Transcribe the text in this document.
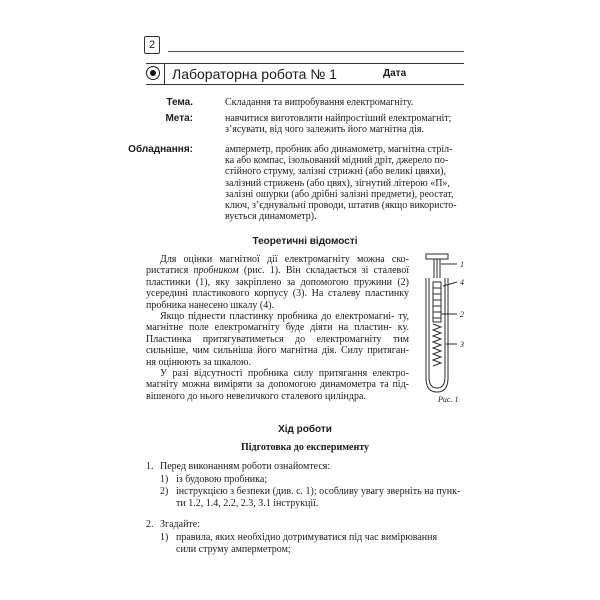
2
Лабораторна робота № 1	Дата
Тема.	Складання та випробування електромагніту.
Мета:	навчитися виготовляти найпростіший електромагніт;
з’ясувати, від чого залежить його магнітна дія.
Обладнання:	амперметр, пробник або динамометр, магнітна стріл-
ка або компас, ізольований мідний дріт, джерело по-
стійного струму, залізні стрижні (або великі цвяхи),
залізний стрижень (або цвях), зігнутий літерою «П»,
залізні ошурки (або дрібні залізні предмети), реостат,
ключ, з’єднувальні проводи, штатив (якщо використо-
вується динамометр).
Теоретичні відомості

Для оцінки магнітної дії електромагніту можна ско- ристатися пробником (рис. 1). Він складається зі сталевої пластинки (1), яку закріплено за допомогою пружини (2) усередині пластикового корпусу (3). На сталеву пластинку пробника нанесено шкалу (4).

Якщо піднести пластинку пробника до електромагні- ту, магнітне поле електромагніту буде діяти на пластин- ку. Пластинка притягуватиметься до електромагніту тим сильніше, чим сильніша його магнітна дія. Силу притяган- ня оцінюють за шкалою.

У разі відсутності пробника силу притягання електро- магніту можна виміряти за допомогою динамометра та під- вішеного до нього невеличкого сталевого циліндра.

1
4
2
3
Рис. 1
Хід роботи
Підготовка до експерименту
1. Перед виконанням роботи ознайомтеся:
1) із будовою пробника;
2) інструкцією з безпеки (див. с. 1); особливу увагу зверніть на пунк-
ти 1.2, 1.4, 2.2, 2.3, 3.1 інструкції.
2. Згадайте:
1) правила, яких необхідно дотримуватися під час вимірювання
сили струму амперметром;
